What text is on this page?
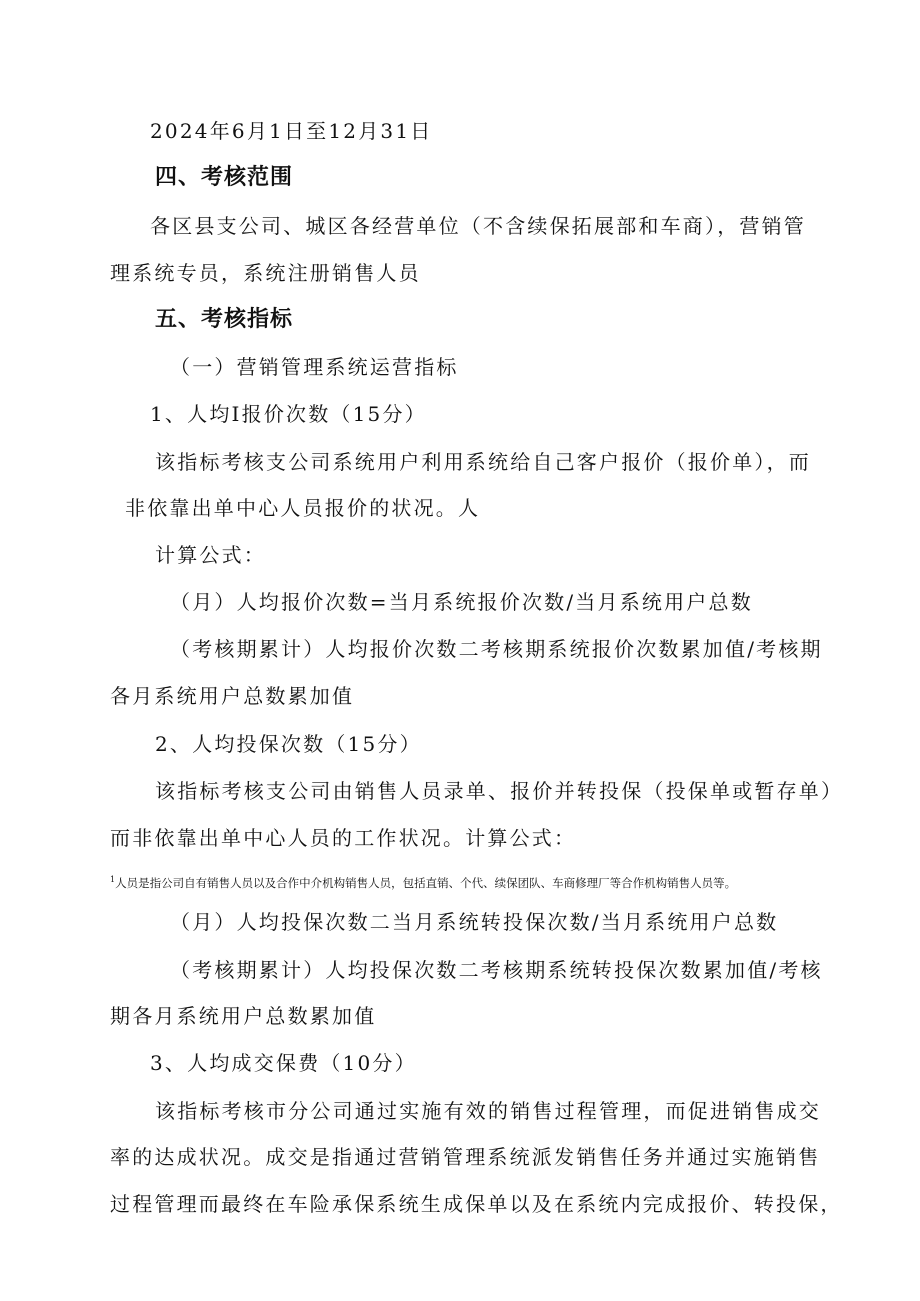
2024年6月1日至12月31日
四、考核范围
各区县支公司、城区各经营单位（不含续保拓展部和车商），营销管
理系统专员，系统注册销售人员
五、考核指标
（一）营销管理系统运营指标
1、人均I报价次数（15分）
该指标考核支公司系统用户利用系统给自己客户报价（报价单），而
非依靠出单中心人员报价的状况。人
计算公式：
（月）人均报价次数=当月系统报价次数/当月系统用户总数
（考核期累计）人均报价次数二考核期系统报价次数累加值/考核期
各月系统用户总数累加值
2、人均投保次数（15分）
该指标考核支公司由销售人员录单、报价并转投保（投保单或暂存单）
而非依靠出单中心人员的工作状况。计算公式：
$^1$人员是指公司自有销售人员以及合作中介机构销售人员，包括直销、个代、续保团队、车商修理厂等合作机构销售人员等。
（月）人均投保次数二当月系统转投保次数/当月系统用户总数
（考核期累计）人均投保次数二考核期系统转投保次数累加值/考核
期各月系统用户总数累加值
3、人均成交保费（10分）
该指标考核市分公司通过实施有效的销售过程管理，而促进销售成交
率的达成状况。成交是指通过营销管理系统派发销售任务并通过实施销售
过程管理而最终在车险承保系统生成保单以及在系统内完成报价、转投保，
